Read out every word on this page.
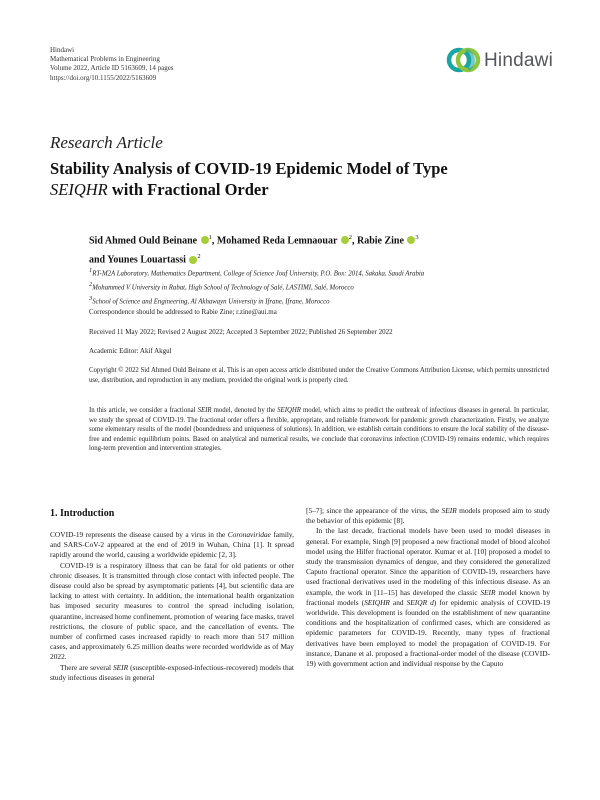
Hindawi
Mathematical Problems in Engineering
Volume 2022, Article ID 5163609, 14 pages
https://doi.org/10.1155/2022/5163609
Hindawi
Research Article
Stability Analysis of COVID-19 Epidemic Model of Type
SEIQHR with Fractional Order
Sid Ahmed Ould Beinane $^1$, Mohamed Reda Lemnaouar $^2$, Rabie Zine $^3$
and Younes Louartassi $^2$
1RT-M2A Laboratory, Mathematics Department, College of Science Jouf University, P.O. Box: 2014, Sakaka, Saudi Arabia
2Mohammed V University in Rabat, High School of Technology of Salé, LASTIMI, Salé, Morocco
3School of Science and Engineering, Al Akhawayn University in Ifrane, Ifrane, Morocco
Correspondence should be addressed to Rabie Zine; r.zine@aui.ma
Received 11 May 2022; Revised 2 August 2022; Accepted 3 September 2022; Published 26 September 2022
Academic Editor: Akif Akgul
Copyright © 2022 Sid Ahmed Ould Beinane et al. This is an open access article distributed under the Creative Commons Attribution License, which permits unrestricted use, distribution, and reproduction in any medium, provided the original work is properly cited.
In this article, we consider a fractional SEIR model, denoted by the SEIQHR model, which aims to predict the outbreak of infectious diseases in general. In particular, we study the spread of COVID-19. The fractional order offers a flexible, appropriate, and reliable framework for pandemic growth characterization. Firstly, we analyze some elementary results of the model (boundedness and uniqueness of solutions). In addition, we establish certain conditions to ensure the local stability of the disease-free and endemic equilibrium points. Based on analytical and numerical results, we conclude that coronavirus infection (COVID-19) remains endemic, which requires long-term prevention and intervention strategies.
1. Introduction

COVID-19 represents the disease caused by a virus in the Coronaviridae family, and SARS-CoV-2 appeared at the end of 2019 in Wuhan, China [1]. It spread rapidly around the world, causing a worldwide epidemic [2, 3].

COVID-19 is a respiratory illness that can be fatal for old patients or other chronic diseases. It is transmitted through close contact with infected people. The disease could also be spread by asymptomatic patients [4], but scientific data are lacking to attest with certainty. In addition, the international health organization has imposed security measures to control the spread including isolation, quarantine, increased home confinement, promotion of wearing face masks, travel restrictions, the closure of public space, and the cancellation of events. The number of confirmed cases increased rapidly to reach more than 517 million cases, and approximately 6.25 million deaths were recorded worldwide as of May 2022.

There are several SEIR (susceptible-exposed-infectious-recovered) models that study infectious diseases in general

[5–7]; since the appearance of the virus, the SEIR models proposed aim to study the behavior of this epidemic [8].

In the last decade, fractional models have been used to model diseases in general. For example, Singh [9] proposed a new fractional model of blood alcohol model using the Hilfer fractional operator. Kumar et al. [10] proposed a model to study the transmission dynamics of dengue, and they considered the generalized Caputo fractional operator. Since the apparition of COVID-19, researchers have used fractional derivatives used in the modeling of this infectious disease. As an example, the work in [11–15] has developed the classic SEIR model known by fractional models (SEIQHR and SEIQR d) for epidemic analysis of COVID-19 worldwide. This development is founded on the establishment of new quarantine conditions and the hospitalization of confirmed cases, which are considered as epidemic parameters for COVID-19. Recently, many types of fractional derivatives have been employed to model the propagation of COVID-19. For instance, Danane et al. proposed a fractional-order model of the disease (COVID-19) with government action and individual response by the Caputo
